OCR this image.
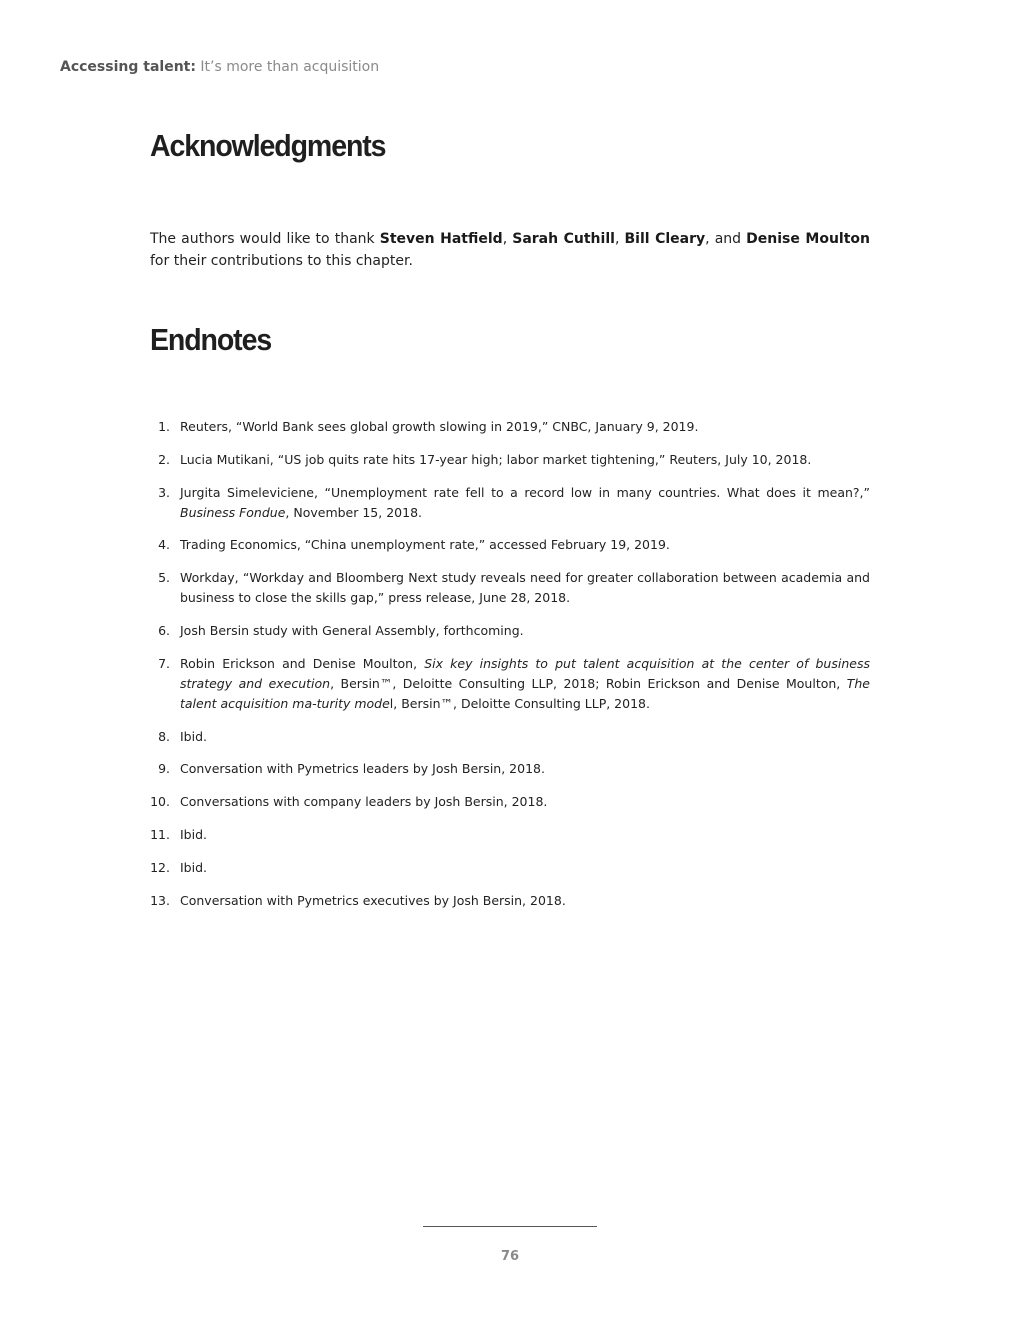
Accessing talent: It’s more than acquisition
Acknowledgments

The authors would like to thank Steven Hatfield, Sarah Cuthill, Bill Cleary, and Denise Moulton for their contributions to this chapter.

Endnotes
1. Reuters, “World Bank sees global growth slowing in 2019,” CNBC, January 9, 2019.
2. Lucia Mutikani, “US job quits rate hits 17-year high; labor market tightening,” Reuters, July 10, 2018.
3. Jurgita Simeleviciene, “Unemployment rate fell to a record low in many countries. What does it mean?,” Business Fondue, November 15, 2018.
4. Trading Economics, “China unemployment rate,” accessed February 19, 2019.
5. Workday, “Workday and Bloomberg Next study reveals need for greater collaboration between academia and business to close the skills gap,” press release, June 28, 2018.
6. Josh Bersin study with General Assembly, forthcoming.
7. Robin Erickson and Denise Moulton, Six key insights to put talent acquisition at the center of business strategy and execution, Bersin™, Deloitte Consulting LLP, 2018; Robin Erickson and Denise Moulton, The talent acquisition ma-turity model, Bersin™, Deloitte Consulting LLP, 2018.
8. Ibid.
9. Conversation with Pymetrics leaders by Josh Bersin, 2018.
10. Conversations with company leaders by Josh Bersin, 2018.
11. Ibid.
12. Ibid.
13. Conversation with Pymetrics executives by Josh Bersin, 2018.
76
